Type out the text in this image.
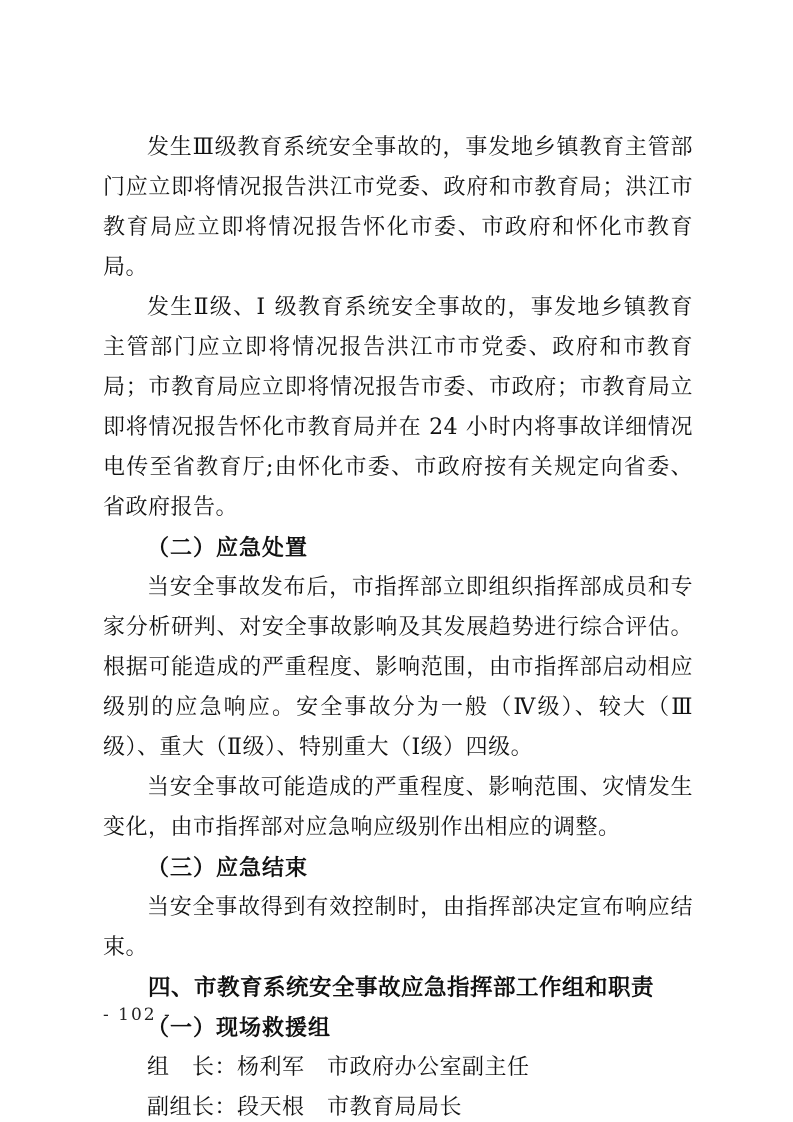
发生Ⅲ级教育系统安全事故的，事发地乡镇教育主管部门应立即将情况报告洪江市党委、政府和市教育局；洪江市教育局应立即将情况报告怀化市委、市政府和怀化市教育局。

发生Ⅱ级、Ⅰ 级教育系统安全事故的，事发地乡镇教育主管部门应立即将情况报告洪江市市党委、政府和市教育局；市教育局应立即将情况报告市委、市政府；市教育局立即将情况报告怀化市教育局并在 24 小时内将事故详细情况电传至省教育厅;由怀化市委、市政府按有关规定向省委、省政府报告。

（二）应急处置

当安全事故发布后，市指挥部立即组织指挥部成员和专家分析研判、对安全事故影响及其发展趋势进行综合评估。根据可能造成的严重程度、影响范围，由市指挥部启动相应级别的应急响应。安全事故分为一般（Ⅳ级）、较大（Ⅲ级）、重大（Ⅱ级）、特别重大（Ⅰ级）四级。

当安全事故可能造成的严重程度、影响范围、灾情发生变化，由市指挥部对应急响应级别作出相应的调整。

（三）应急结束

当安全事故得到有效控制时，由指挥部决定宣布响应结束。

四、市教育系统安全事故应急指挥部工作组和职责
（一）现场救援组

组　长：杨利军　市政府办公室副主任

副组长：段天根　市教育局局长

- 102 -
